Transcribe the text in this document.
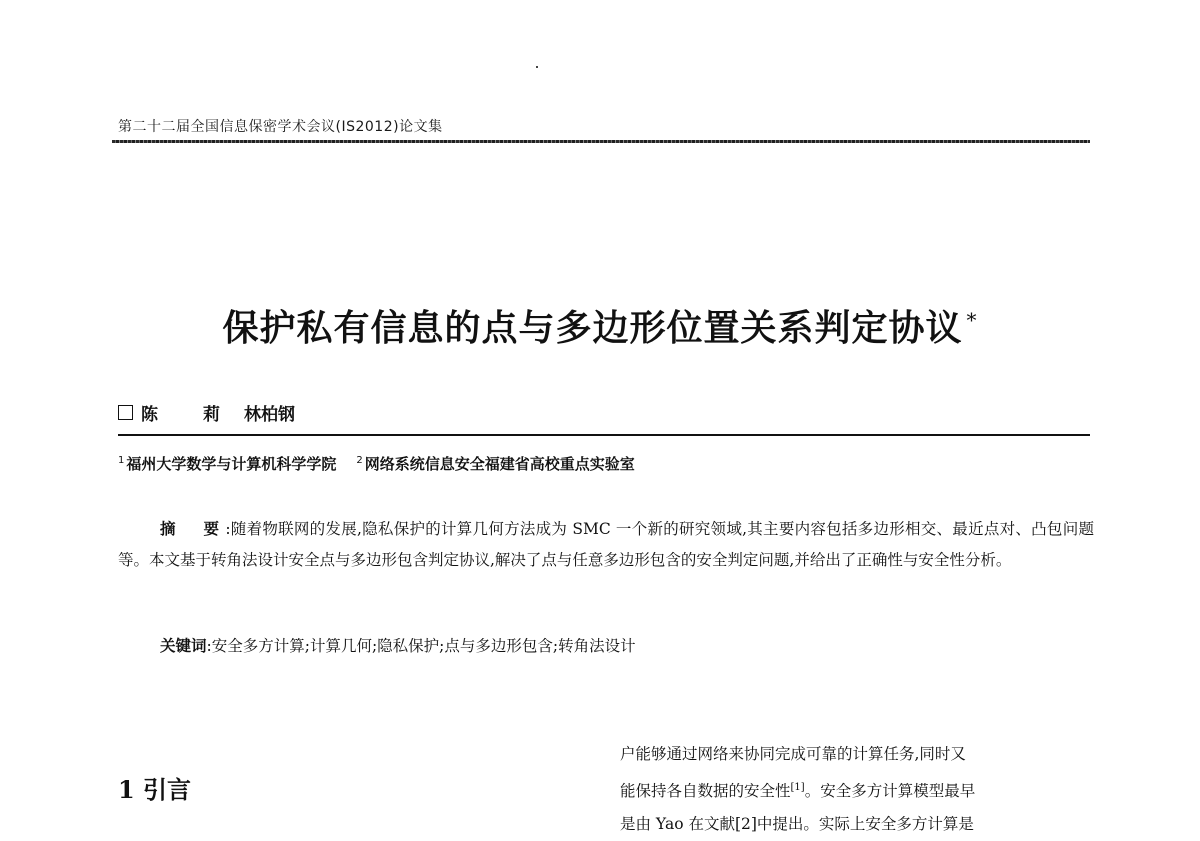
第二十二届全国信息保密学术会议(IS2012)论文集
保护私有信息的点与多边形位置关系判定协议 *
陈　莉 林柏钢
$^1$ 福州大学数学与计算机科学学院 $^2$ 网络系统信息安全福建省高校重点实验室
摘　要:随着物联网的发展,隐私保护的计算几何方法成为 SMC 一个新的研究领域,其主要内容包括多边形相交、最近点对、凸包问题等。本文基于转角法设计安全点与多边形包含判定协议,解决了点与任意多边形包含的安全判定问题,并给出了正确性与安全性分析。
关键词:安全多方计算;计算几何;隐私保护;点与多边形包含;转角法设计
1 引言
户能够通过网络来协同完成可靠的计算任务,同时又
能保持各自数据的安全性[1]。安全多方计算模型最早
是由 Yao 在文献[2]中提出。实际上安全多方计算是
